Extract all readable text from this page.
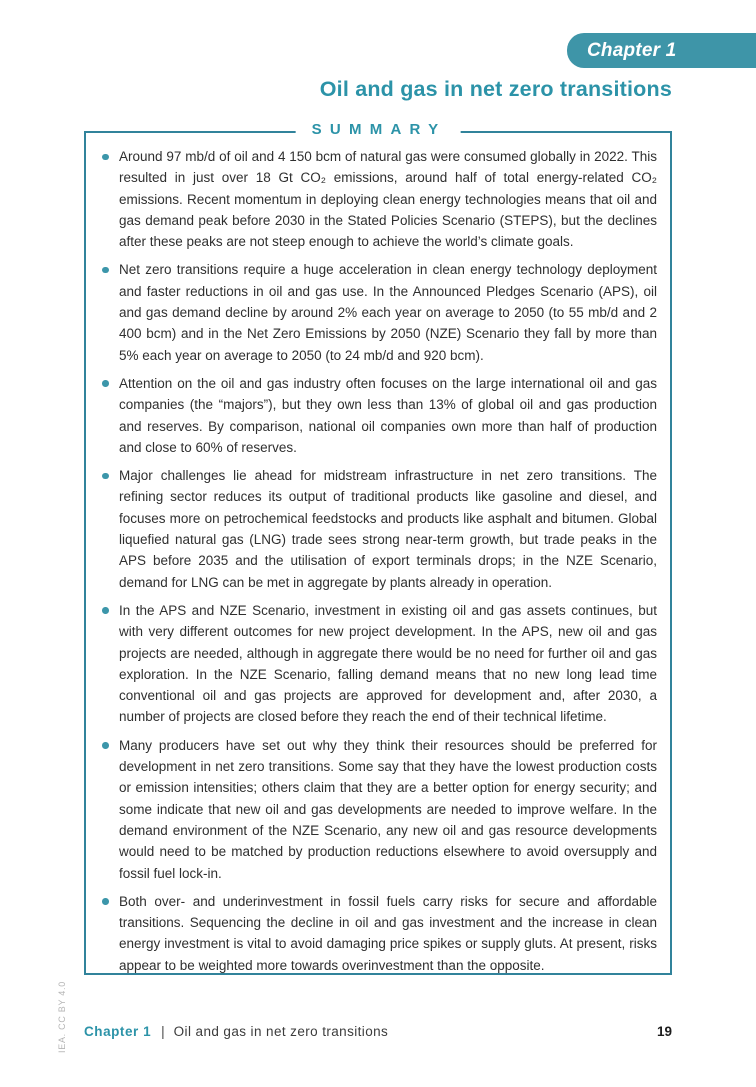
Chapter 1
Oil and gas in net zero transitions
SUMMARY
Around 97 mb/d of oil and 4 150 bcm of natural gas were consumed globally in 2022. This resulted in just over 18 Gt CO₂ emissions, around half of total energy-related CO₂ emissions. Recent momentum in deploying clean energy technologies means that oil and gas demand peak before 2030 in the Stated Policies Scenario (STEPS), but the declines after these peaks are not steep enough to achieve the world’s climate goals.
Net zero transitions require a huge acceleration in clean energy technology deployment and faster reductions in oil and gas use. In the Announced Pledges Scenario (APS), oil and gas demand decline by around 2% each year on average to 2050 (to 55 mb/d and 2 400 bcm) and in the Net Zero Emissions by 2050 (NZE) Scenario they fall by more than 5% each year on average to 2050 (to 24 mb/d and 920 bcm).
Attention on the oil and gas industry often focuses on the large international oil and gas companies (the “majors”), but they own less than 13% of global oil and gas production and reserves. By comparison, national oil companies own more than half of production and close to 60% of reserves.
Major challenges lie ahead for midstream infrastructure in net zero transitions. The refining sector reduces its output of traditional products like gasoline and diesel, and focuses more on petrochemical feedstocks and products like asphalt and bitumen. Global liquefied natural gas (LNG) trade sees strong near-term growth, but trade peaks in the APS before 2035 and the utilisation of export terminals drops; in the NZE Scenario, demand for LNG can be met in aggregate by plants already in operation.
In the APS and NZE Scenario, investment in existing oil and gas assets continues, but with very different outcomes for new project development. In the APS, new oil and gas projects are needed, although in aggregate there would be no need for further oil and gas exploration. In the NZE Scenario, falling demand means that no new long lead time conventional oil and gas projects are approved for development and, after 2030, a number of projects are closed before they reach the end of their technical lifetime.
Many producers have set out why they think their resources should be preferred for development in net zero transitions. Some say that they have the lowest production costs or emission intensities; others claim that they are a better option for energy security; and some indicate that new oil and gas developments are needed to improve welfare. In the demand environment of the NZE Scenario, any new oil and gas resource developments would need to be matched by production reductions elsewhere to avoid oversupply and fossil fuel lock-in.
Both over- and underinvestment in fossil fuels carry risks for secure and affordable transitions. Sequencing the decline in oil and gas investment and the increase in clean energy investment is vital to avoid damaging price spikes or supply gluts. At present, risks appear to be weighted more towards overinvestment than the opposite.
Chapter 1 | Oil and gas in net zero transitions	19
IEA. CC BY 4.0
